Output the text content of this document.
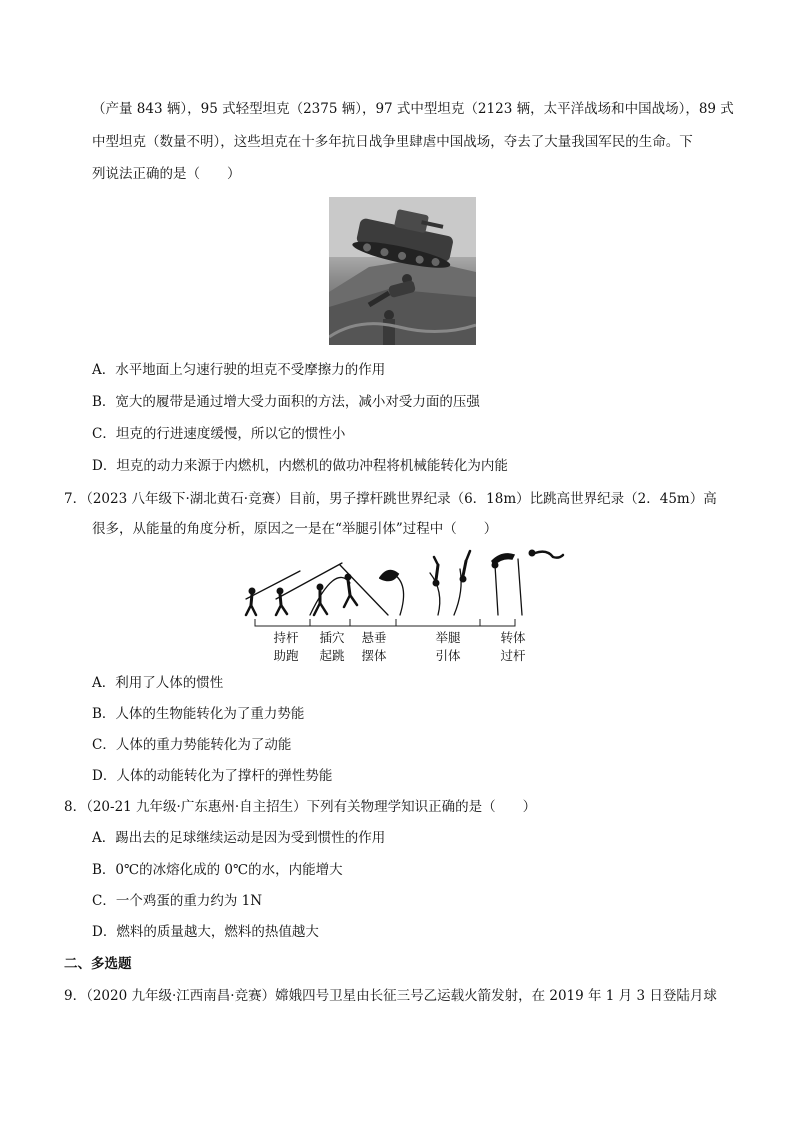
（产量 843 辆），95 式轻型坦克（2375 辆），97 式中型坦克（2123 辆，太平洋战场和中国战场），89 式
中型坦克（数量不明），这些坦克在十多年抗日战争里肆虐中国战场，夺去了大量我国军民的生命。下
列说法正确的是（　　）
A．水平地面上匀速行驶的坦克不受摩擦力的作用
B．宽大的履带是通过增大受力面积的方法，减小对受力面的压强
C．坦克的行进速度缓慢，所以它的惯性小
D．坦克的动力来源于内燃机，内燃机的做功冲程将机械能转化为内能
7．（2023 八年级下·湖北黄石·竞赛）目前，男子撑杆跳世界纪录（6．18m）比跳高世界纪录（2．45m）高
很多，从能量的角度分析，原因之一是在“举腿引体”过程中（　　）
持杆
助跑
插穴
起跳
悬垂
摆体
举腿
引体
转体
过杆
A．利用了人体的惯性
B．人体的生物能转化为了重力势能
C．人体的重力势能转化为了动能
D．人体的动能转化为了撑杆的弹性势能
8．（20-21 九年级·广东惠州·自主招生）下列有关物理学知识正确的是（　　）
A．踢出去的足球继续运动是因为受到惯性的作用
B．0℃的冰熔化成的 0℃的水，内能增大
C．一个鸡蛋的重力约为 1N
D．燃料的质量越大，燃料的热值越大
二、多选题
9．（2020 九年级·江西南昌·竞赛）嫦娥四号卫星由长征三号乙运载火箭发射，在 2019 年 1 月 3 日登陆月球
